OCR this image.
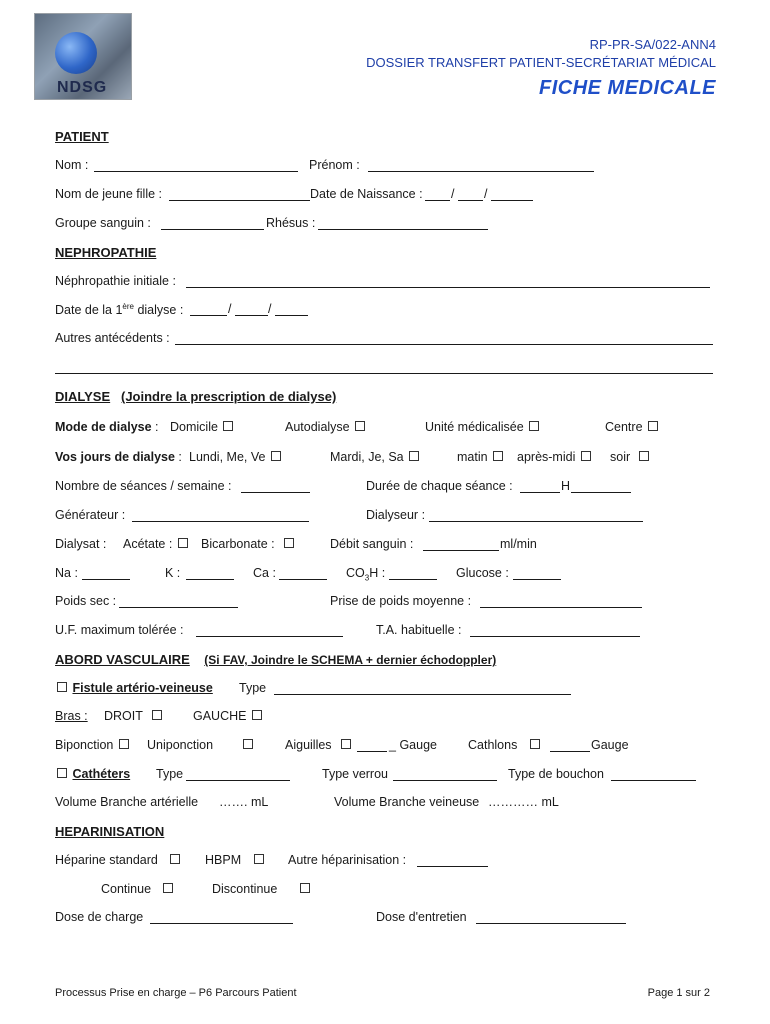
NDSG
RP-PR-SA/022-ANN4
DOSSIER TRANSFERT PATIENT-SECRÉTARIAT MÉDICAL
FICHE MEDICALE
PATIENT
Nom :	Prénom :
Nom de jeune fille :	Date de Naissance : / /
Groupe sanguin :	Rhésus :
NEPHROPATHIE
Néphropathie initiale :
Date de la 1ère dialyse :	/	/
Autres antécédents :
DIALYSE (Joindre la prescription de dialyse)
Mode de dialyse : Domicile	Autodialyse	Unité médicalisée	Centre
Vos jours de dialyse : Lundi, Me, Ve	Mardi, Je, Sa	matin	après-midi	soir
Nombre de séances / semaine :	Durée de chaque séance :	H
Générateur :	Dialyseur :
Dialysat : Acétate :	Bicarbonate :	Débit sanguin :	ml/min
Na :	K :	Ca :	$CO_3H$ :	Glucose :
Poids sec :	Prise de poids moyenne :
U.F. maximum tolérée :	T.A. habituelle :
ABORD VASCULAIRE (Si FAV, Joindre le SCHEMA + dernier échodoppler)
Fistule artério-veineuse Type
Bras : DROIT	GAUCHE
Biponction	Uniponction	Aiguilles	_ Gauge Cathlons	Gauge
Cathéters Type	Type verrou	Type de bouchon
Volume Branche artérielle ……. mL	Volume Branche veineuse ………… mL
HEPARINISATION
Héparine standard	HBPM	Autre héparinisation :
Continue	Discontinue
Dose de charge	Dose d'entretien
Processus Prise en charge – P6 Parcours Patient	Page 1 sur 2
